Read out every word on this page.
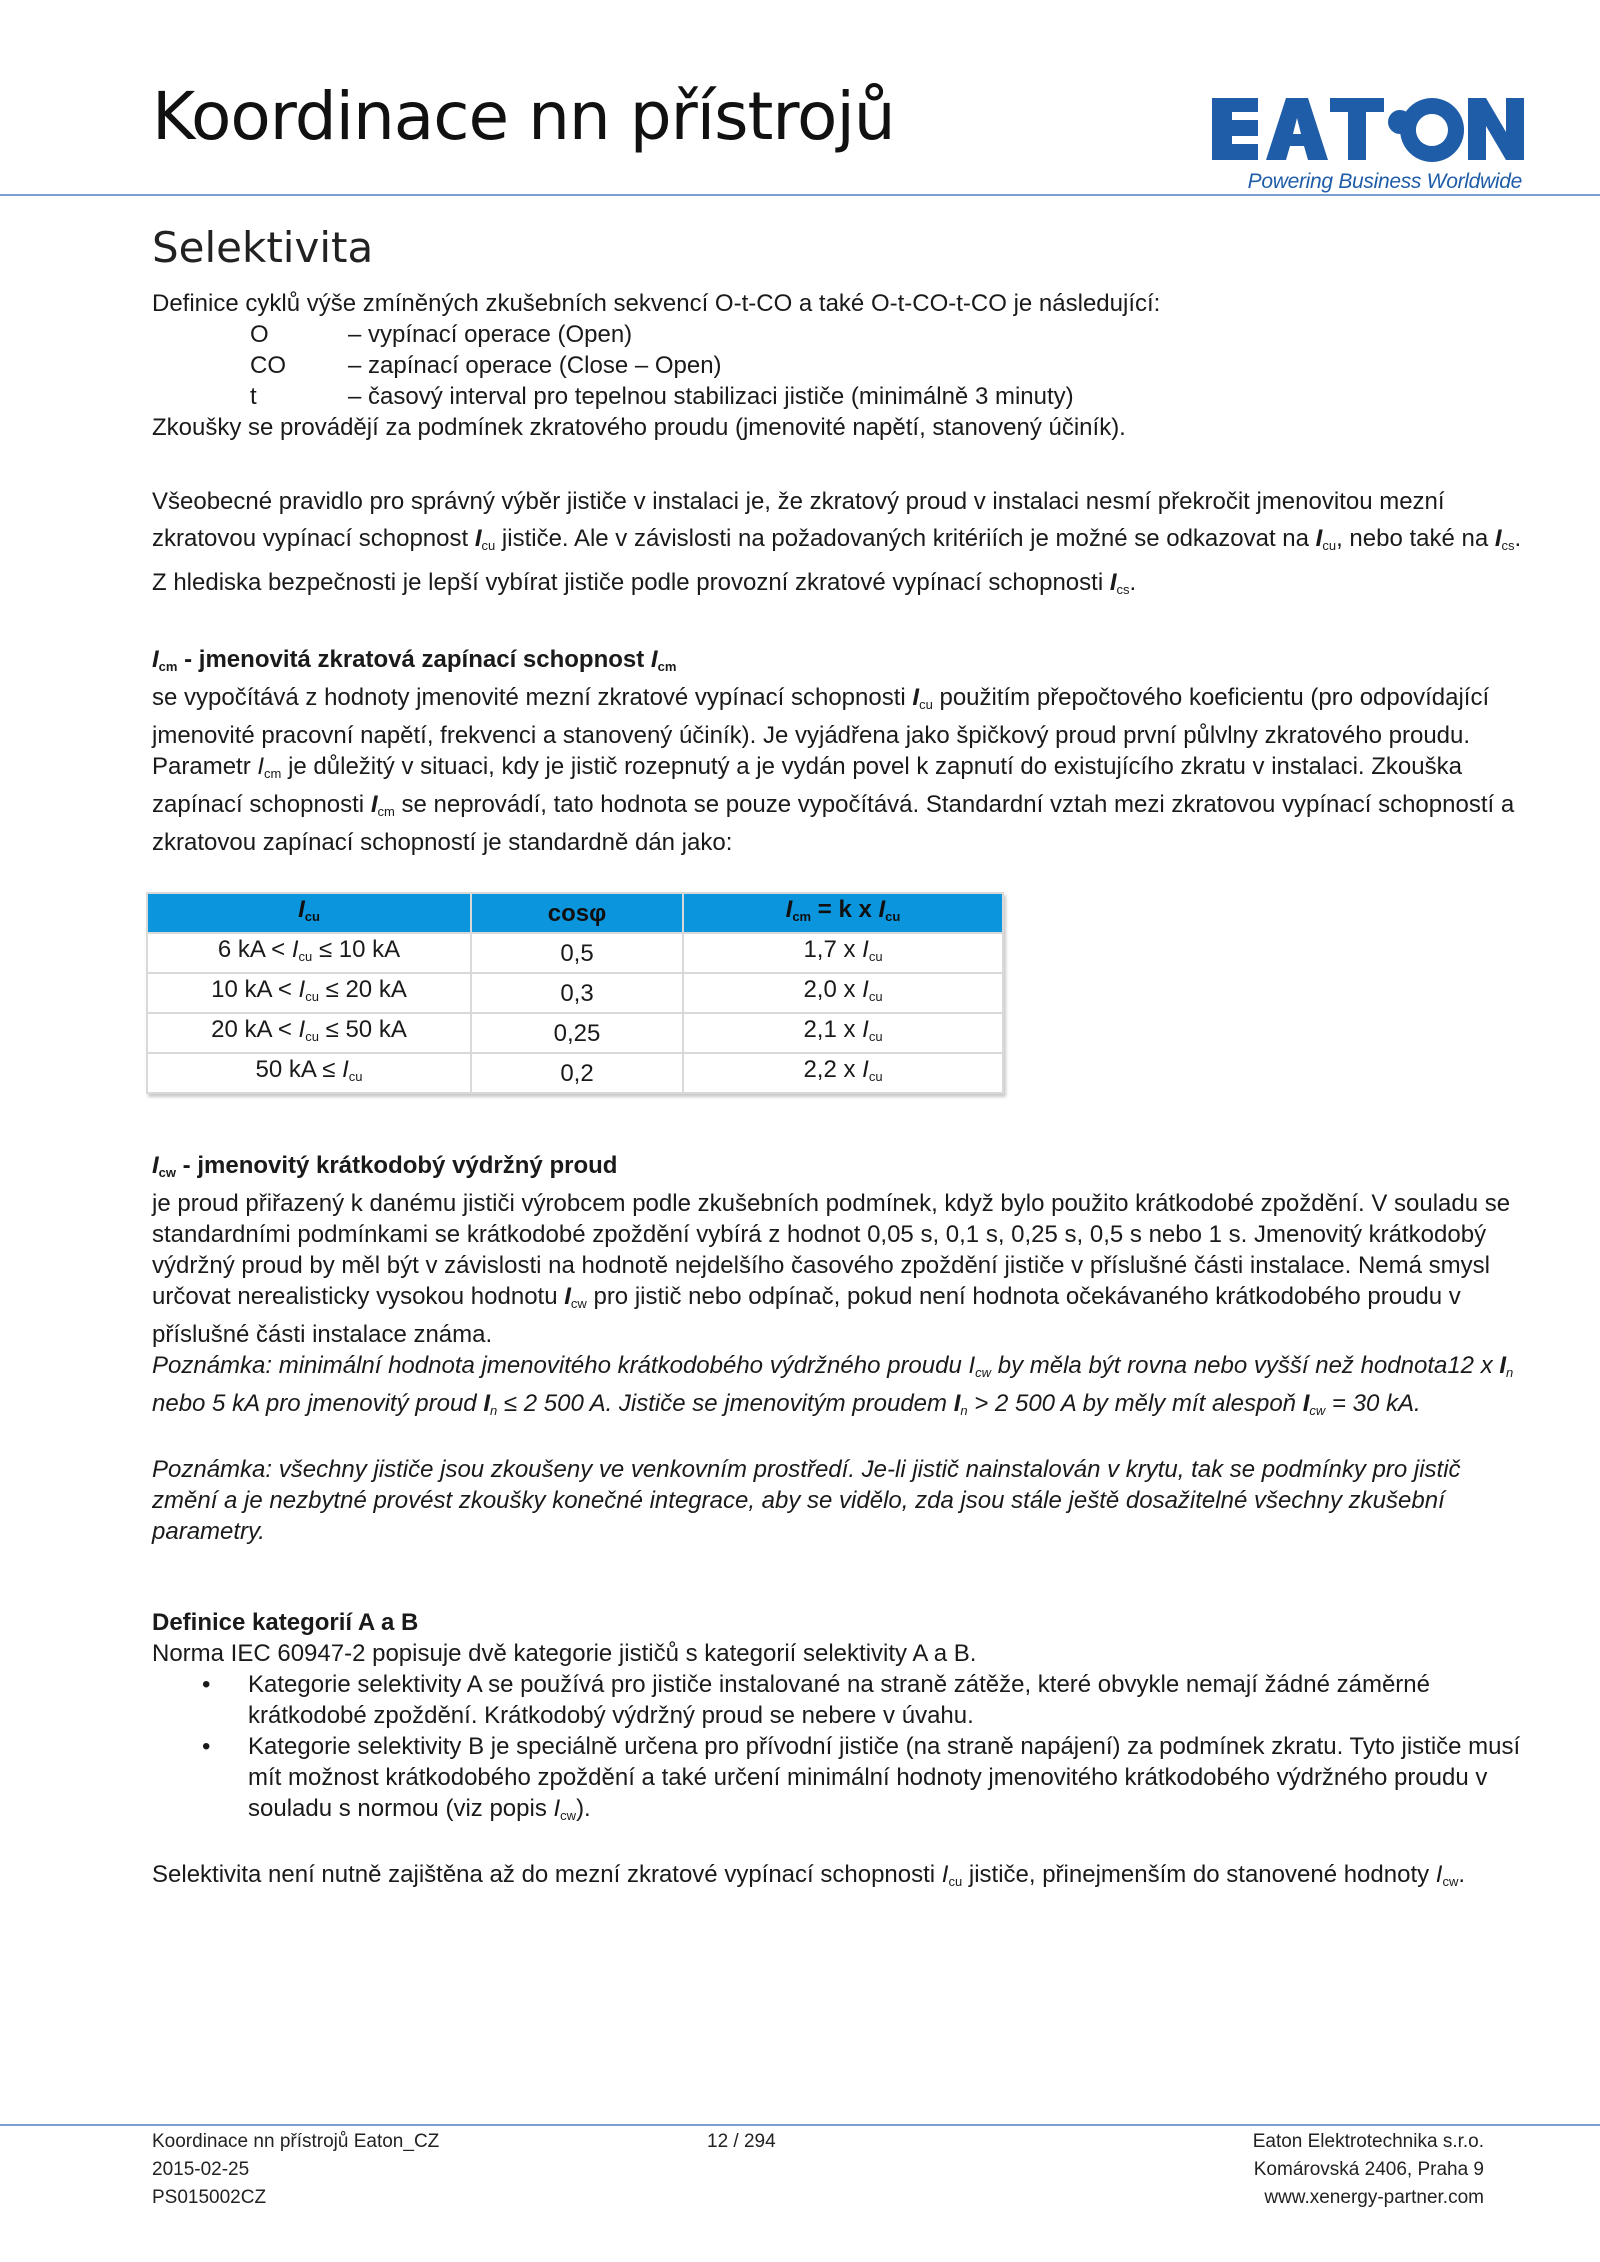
Koordinace nn přístrojů
Powering Business Worldwide
Selektivita

Definice cyklů výše zmíněných zkušebních sekvencí O-t-CO a také O-t-CO-t-CO je následující:

O	– vypínací operace (Open)
CO	– zapínací operace (Close – Open)
t	– časový interval pro tepelnou stabilizaci jističe (minimálně 3 minuty)

Zkoušky se provádějí za podmínek zkratového proudu (jmenovité napětí, stanovený účiník).

Všeobecné pravidlo pro správný výběr jističe v instalaci je, že zkratový proud v instalaci nesmí překročit jmenovitou mezní zkratovou vypínací schopnost $I_{cu}$ jističe. Ale v závislosti na požadovaných kritériích je možné se odkazovat na $I_{cu}$, nebo také na $I_{cs}$. Z hlediska bezpečnosti je lepší vybírat jističe podle provozní zkratové vypínací schopnosti $I_{cs}$.

$I_{cm}$ - jmenovitá zkratová zapínací schopnost $I_{cm}$

se vypočítává z hodnoty jmenovité mezní zkratové vypínací schopnosti $I_{cu}$ použitím přepočtového koeficientu (pro odpovídající jmenovité pracovní napětí, frekvenci a stanovený účiník). Je vyjádřena jako špičkový proud první půlvlny zkratového proudu. Parametr $I_{cm}$ je důležitý v situaci, kdy je jistič rozepnutý a je vydán povel k zapnutí do existujícího zkratu v instalaci. Zkouška zapínací schopnosti $I_{cm}$ se neprovádí, tato hodnota se pouze vypočítává. Standardní vztah mezi zkratovou vypínací schopností a zkratovou zapínací schopností je standardně dán jako:

$I_{cu}$	cosφ	$I_{cm} = k$ x $I_{cu}$
6 kA < $I_{cu} \le 10$ kA	0,5	1,7 x $I_{cu}$
10 kA < $I_{cu} \le 20$ kA	0,3	2,0 x $I_{cu}$
20 kA < $I_{cu} \le 50$ kA	0,25	2,1 x $I_{cu}$
50 kA ≤ $I_{cu}$	0,2	2,2 x $I_{cu}$

$I_{cw}$ - jmenovitý krátkodobý výdržný proud

je proud přiřazený k danému jističi výrobcem podle zkušebních podmínek, když bylo použito krátkodobé zpoždění. V souladu se standardními podmínkami se krátkodobé zpoždění vybírá z hodnot 0,05 s, 0,1 s, 0,25 s, 0,5 s nebo 1 s. Jmenovitý krátkodobý výdržný proud by měl být v závislosti na hodnotě nejdelšího časového zpoždění jističe v příslušné části instalace. Nemá smysl určovat nerealisticky vysokou hodnotu $I_{cw}$ pro jistič nebo odpínač, pokud není hodnota očekávaného krátkodobého proudu v příslušné části instalace známa.

Poznámka: minimální hodnota jmenovitého krátkodobého výdržného proudu $I_{cw}$ by měla být rovna nebo vyšší než hodnota12 x $I_n$ nebo 5 kA pro jmenovitý proud $I_n \le 2$ 500 A. Jističe se jmenovitým proudem $I_n > 2$ 500 A by měly mít alespoň $I_{cw} = 30$ kA.

Poznámka: všechny jističe jsou zkoušeny ve venkovním prostředí. Je-li jistič nainstalován v krytu, tak se podmínky pro jistič změní a je nezbytné provést zkoušky konečné integrace, aby se vidělo, zda jsou stále ještě dosažitelné všechny zkušební parametry.

Definice kategorií A a B

Norma IEC 60947-2 popisuje dvě kategorie jističů s kategorií selektivity A a B.

• Kategorie selektivity A se používá pro jističe instalované na straně zátěže, které obvykle nemají žádné záměrné krátkodobé zpoždění. Krátkodobý výdržný proud se nebere v úvahu.
• Kategorie selektivity B je speciálně určena pro přívodní jističe (na straně napájení) za podmínek zkratu. Tyto jističe musí mít možnost krátkodobého zpoždění a také určení minimální hodnoty jmenovitého krátkodobého výdržného proudu v souladu s normou (viz popis $I_{cw}$).

Selektivita není nutně zajištěna až do mezní zkratové vypínací schopnosti $I_{cu}$ jističe, přinejmenším do stanovené hodnoty $I_{cw}$.

Koordinace nn přístrojů Eaton_CZ
2015-02-25
PS015002CZ
12 / 294	Eaton Elektrotechnika s.r.o.
Komárovská 2406, Praha 9
www.xenergy-partner.com
